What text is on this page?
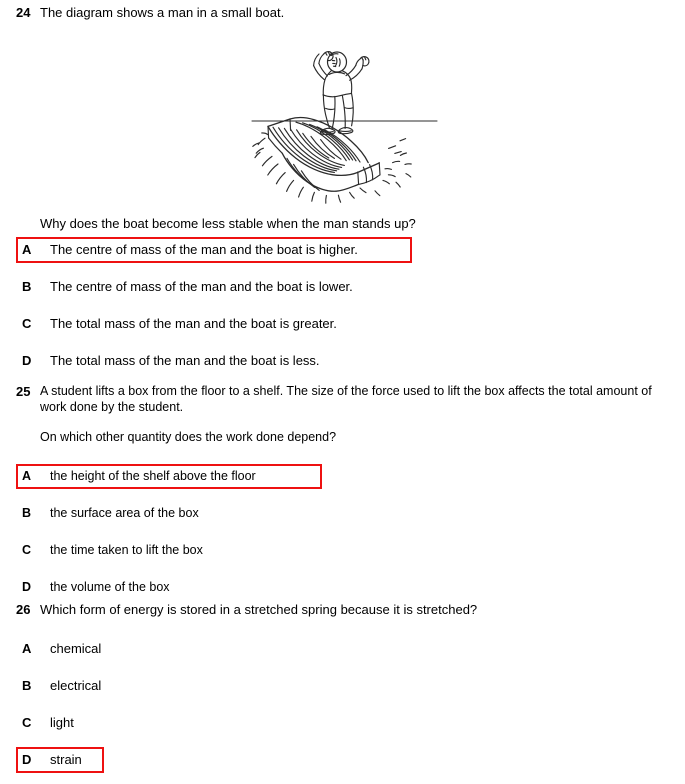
24 The diagram shows a man in a small boat.
A	The centre of mass of the man and the boat is higher.
B	The centre of mass of the man and the boat is lower.
C	The total mass of the man and the boat is greater.
D	The total mass of the man and the boat is less.
Why does the boat become less stable when the man stands up?
25 A student lifts a box from the floor to a shelf. The size of the force used to lift the box affects the total amount of work done by the student.
On which other quantity does the work done depend?
A	the height of the shelf above the floor
B	the surface area of the box
C	the time taken to lift the box
D	the volume of the box
26 Which form of energy is stored in a stretched spring because it is stretched?
A	chemical
B	electrical
C	light
D	strain
